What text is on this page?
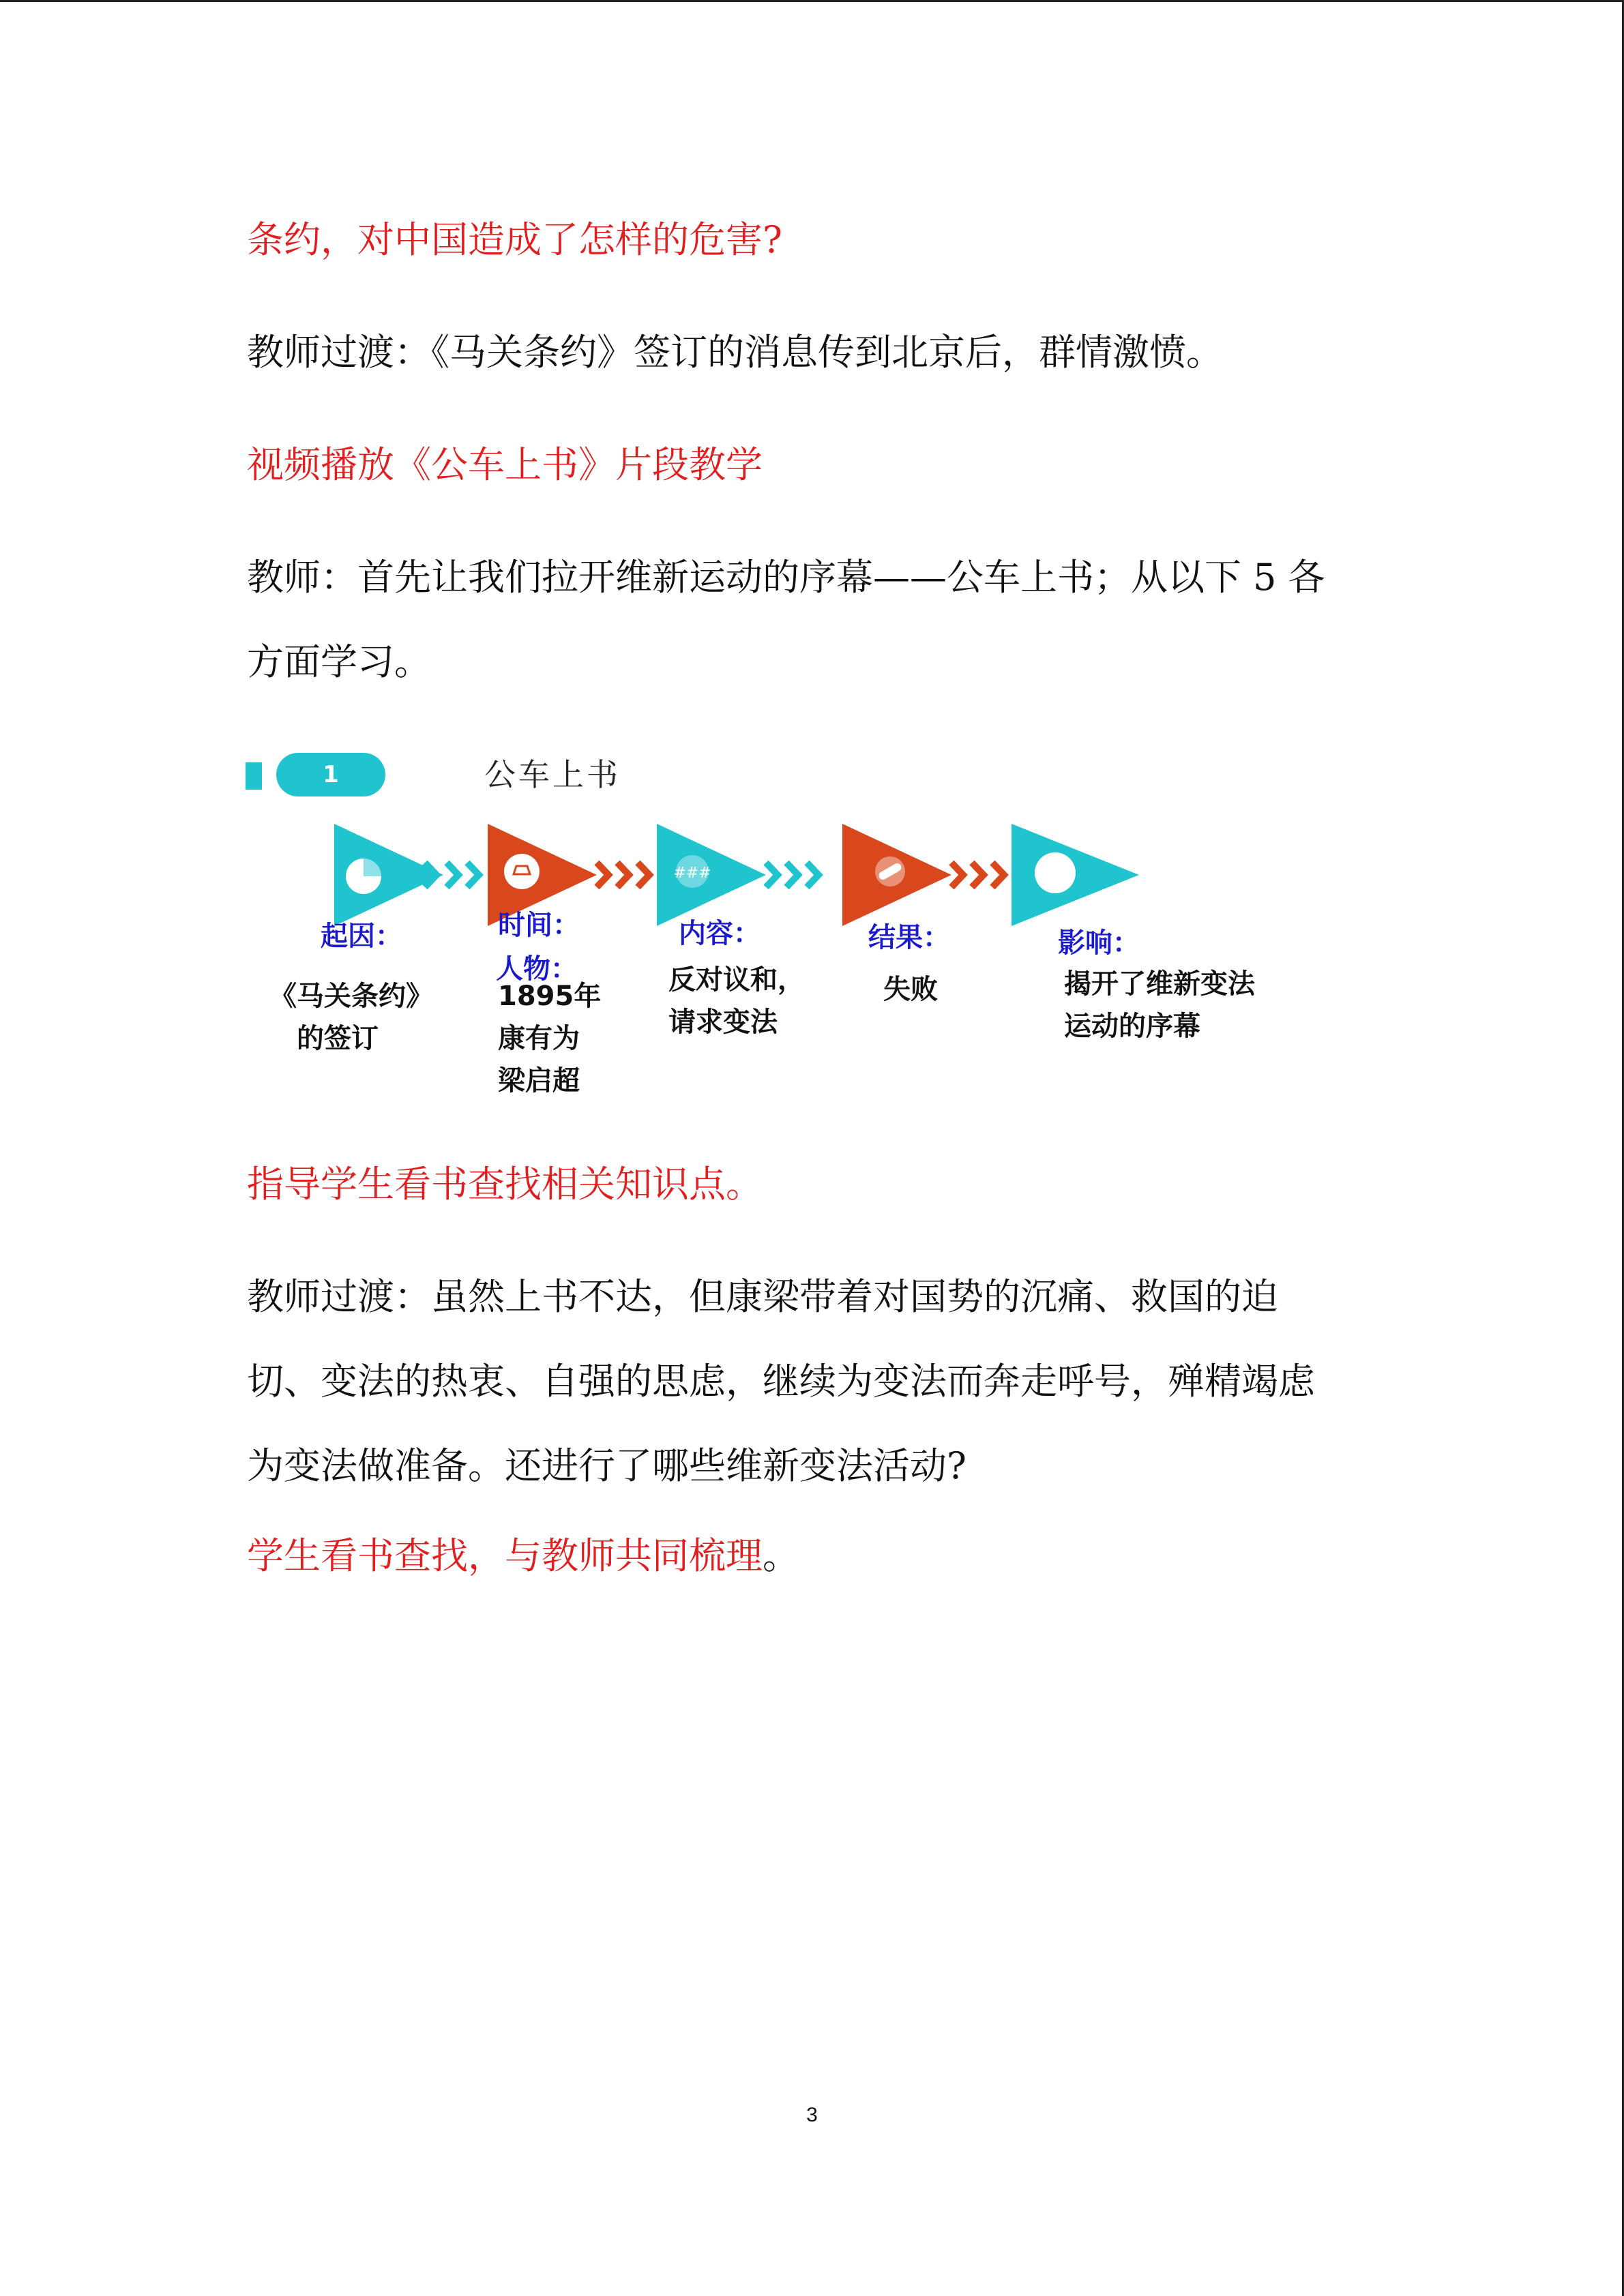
条约，对中国造成了怎样的危害?
教师过渡：《马关条约》签订的消息传到北京后，群情激愤。
视频播放《公车上书》片段教学
教师：首先让我们拉开维新运动的序幕——公车上书；从以下 5 各
方面学习。
1	公车上书
###
起因：	时间：
人物：
内容：	结果：	影响：
《马关条约》
的签订
1895年
康有为
梁启超
反对议和，
请求变法
失败	揭开了维新变法
运动的序幕
指导学生看书查找相关知识点。
教师过渡：虽然上书不达，但康梁带着对国势的沉痛、救国的迫
切、变法的热衷、自强的思虑，继续为变法而奔走呼号，殚精竭虑
为变法做准备。还进行了哪些维新变法活动?
学生看书查找，与教师共同梳理。
3
